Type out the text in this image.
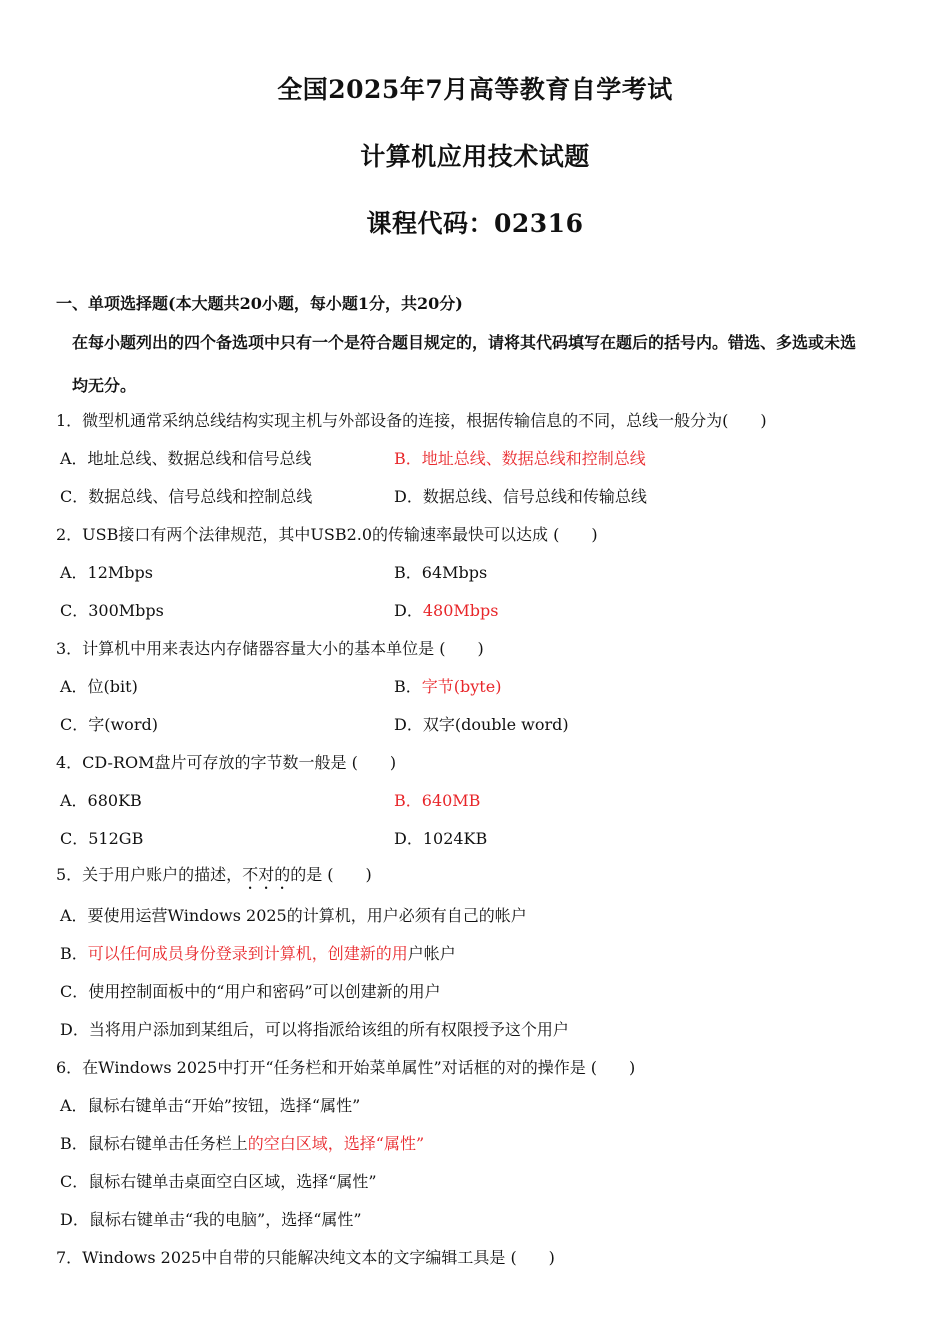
全国2025年7月高等教育自学考试
计算机应用技术试题
课程代码：02316
一、单项选择题(本大题共20小题，每小题1分，共20分)
在每小题列出的四个备选项中只有一个是符合题目规定的，请将其代码填写在题后的括号内。错选、多选或未选
均无分。
1．微型机通常采纳总线结构实现主机与外部设备的连接，根据传输信息的不同，总线一般分为(　　)
A．地址总线、数据总线和信号总线	B．地址总线、数据总线和控制总线
C．数据总线、信号总线和控制总线	D．数据总线、信号总线和传输总线
2．USB接口有两个法律规范，其中USB2.0的传输速率最快可以达成 (　　)
A．12Mbps	B．64Mbps
C．300Mbps	D．480Mbps
3．计算机中用来表达内存储器容量大小的基本单位是 (　　)
A．位(bit)	B．字节(byte)
C．字(word)	D．双字(double word)
4．CD-ROM盘片可存放的字节数一般是 (　　)
A．680KB	B．640MB
C．512GB	D．1024KB
5．关于用户账户的描述，不对的的是 (　　)
A．要使用运营Windows 2025的计算机，用户必须有自己的帐户
B．可以任何成员身份登录到计算机，创建新的用户帐户
C．使用控制面板中的“用户和密码”可以创建新的用户
D．当将用户添加到某组后，可以将指派给该组的所有权限授予这个用户
6．在Windows 2025中打开“任务栏和开始菜单属性”对话框的对的操作是 (　　)
A．鼠标右键单击“开始”按钮，选择“属性”
B．鼠标右键单击任务栏上的空白区域，选择“属性”
C．鼠标右键单击桌面空白区域，选择“属性”
D．鼠标右键单击“我的电脑”，选择“属性”
7．Windows 2025中自带的只能解决纯文本的文字编辑工具是 (　　)
